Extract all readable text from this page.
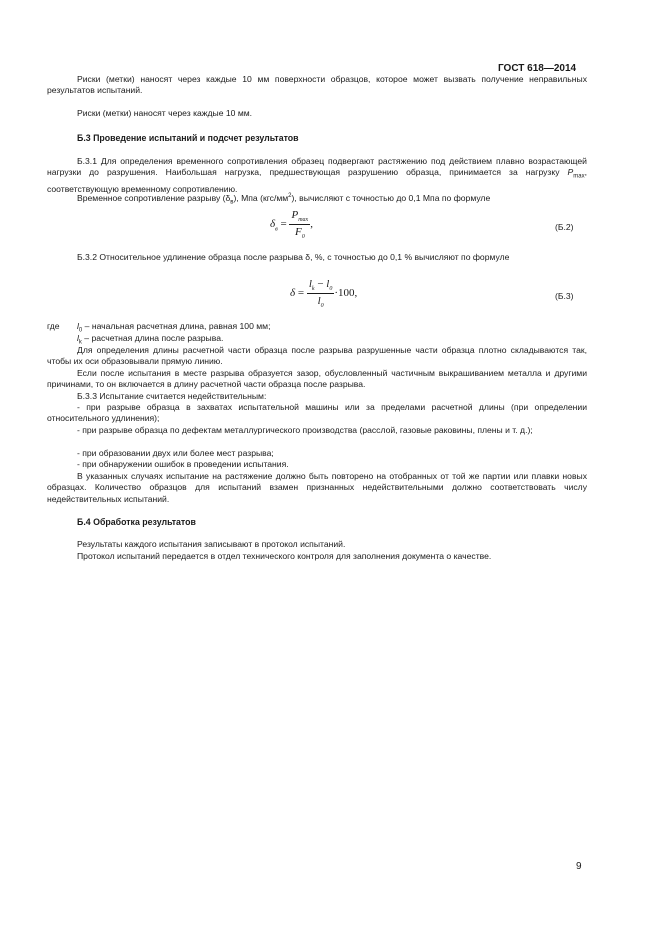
ГОСТ 618—2014
Риски (метки) наносят через каждые 10 мм поверхности образцов, которое может вызвать получение неправильных результатов испытаний.
Риски (метки) наносят через каждые 10 мм.
Б.3 Проведение испытаний и подсчет результатов
Б.3.1 Для определения временного сопротивления образец подвергают растяжению под действием плавно возрастающей нагрузки до разрушения. Наибольшая нагрузка, предшествующая разрушению образца, принимается за нагрузку $P_{max}$, соответствующую временному сопротивлению.
Временное сопротивление разрыву $(\delta_в)$, Mпа $(кгс/мм^2)$, вычисляют с точностью до 0,1 Мпа по формуле
$\delta_в = \frac{P_{max}}{F_0}$ ,	(Б.2)
Б.3.2 Относительное удлинение образца после разрыва δ, %, с точностью до 0,1 % вычисляют по формуле
$\delta = \frac{l_k - l_0}{l_0} \cdot 100$,	(Б.3)
где $l_0$ – начальная расчетная длина, равная 100 мм;
$l_k$ – расчетная длина после разрыва.
Для определения длины расчетной части образца после разрыва разрушенные части образца плотно складываются так, чтобы их оси образовывали прямую линию.
Если после испытания в месте разрыва образуется зазор, обусловленный частичным выкрашиванием металла и другими причинами, то он включается в длину расчетной части образца после разрыва.
Б.3.3 Испытание считается недействительным:
- при разрыве образца в захватах испытательной машины или за пределами расчетной длины (при определении относительного удлинения);
- при разрыве образца по дефектам металлургического производства (расслой, газовые раковины, плены и т. д.);
- при образовании двух или более мест разрыва;
- при обнаружении ошибок в проведении испытания.
В указанных случаях испытание на растяжение должно быть повторено на отобранных от той же партии или плавки новых образцах. Количество образцов для испытаний взамен признанных недействительными должно соответствовать числу недействительных испытаний.
Б.4 Обработка результатов
Результаты каждого испытания записывают в протокол испытаний.
Протокол испытаний передается в отдел технического контроля для заполнения документа о качестве.
9
